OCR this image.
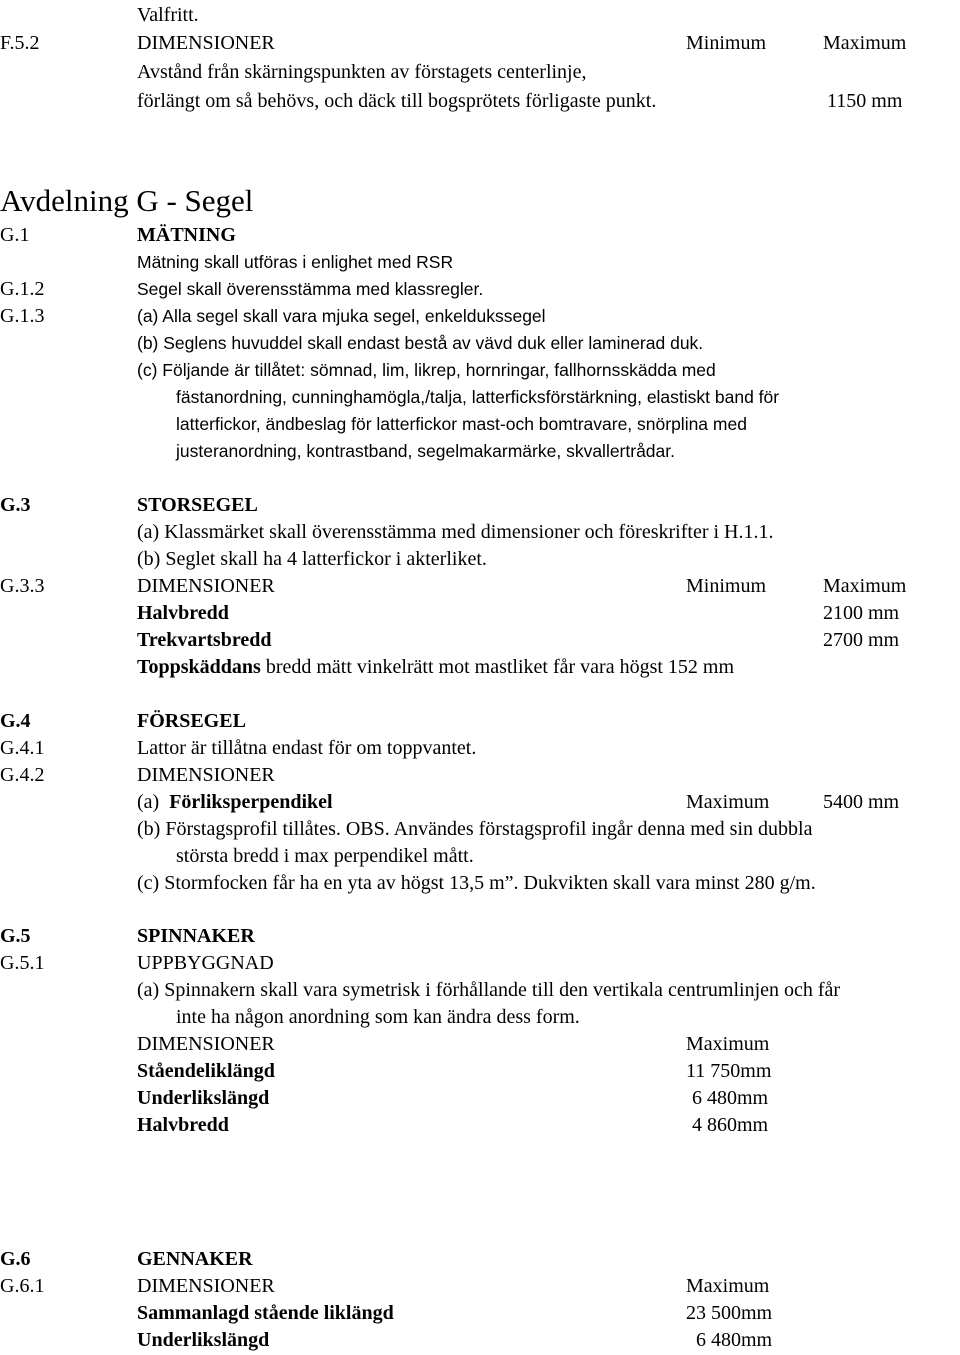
Valfritt.
F.5.2	DIMENSIONER	Minimum	Maximum
Avstånd från skärningspunkten av förstagets centerlinje,
förlängt om så behövs, och däck till bogsprötets förligaste punkt.	1150 mm
Avdelning G - Segel
G.1	MÄTNING
Mätning skall utföras i enlighet med RSR
G.1.2	Segel skall överensstämma med klassregler.
G.1.3	(a) Alla segel skall vara mjuka segel, enkeldukssegel
(b) Seglens huvuddel skall endast bestå av vävd duk eller laminerad duk.
(c) Följande är tillåtet: sömnad, lim, likrep, hornringar, fallhornsskädda med
fästanordning, cunninghamögla,/talja, latterficksförstärkning, elastiskt band för
latterfickor, ändbeslag för latterfickor mast-och bomtravare, snörplina med
justeranordning, kontrastband, segelmakarmärke, skvallertrådar.
G.3	STORSEGEL
(a) Klassmärket skall överensstämma med dimensioner och föreskrifter i H.1.1.
(b) Seglet skall ha 4 latterfickor i akterliket.
G.3.3	DIMENSIONER	Minimum	Maximum
Halvbredd	2100 mm
Trekvartsbredd	2700 mm
Toppskäddans bredd mätt vinkelrätt mot mastliket får vara högst 152 mm
G.4	FÖRSEGEL
G.4.1	Lattor är tillåtna endast för om toppvantet.
G.4.2	DIMENSIONER
(a)  Förliksperpendikel	Maximum	5400 mm
(b) Förstagsprofil tillåtes. OBS. Användes förstagsprofil ingår denna med sin dubbla
största bredd i max perpendikel mått.
(c) Stormfocken får ha en yta av högst 13,5 m”. Dukvikten skall vara minst 280 g/m.
G.5	SPINNAKER
G.5.1	UPPBYGGNAD
(a) Spinnakern skall vara symetrisk i förhållande till den vertikala centrumlinjen och får
inte ha någon anordning som kan ändra dess form.
DIMENSIONER	Maximum
Ståendeliklängd	11 750mm
Underlikslängd	6 480mm
Halvbredd	4 860mm
G.6	GENNAKER
G.6.1	DIMENSIONER	Maximum
Sammanlagd stående liklängd	23 500mm
Underlikslängd	6 480mm
